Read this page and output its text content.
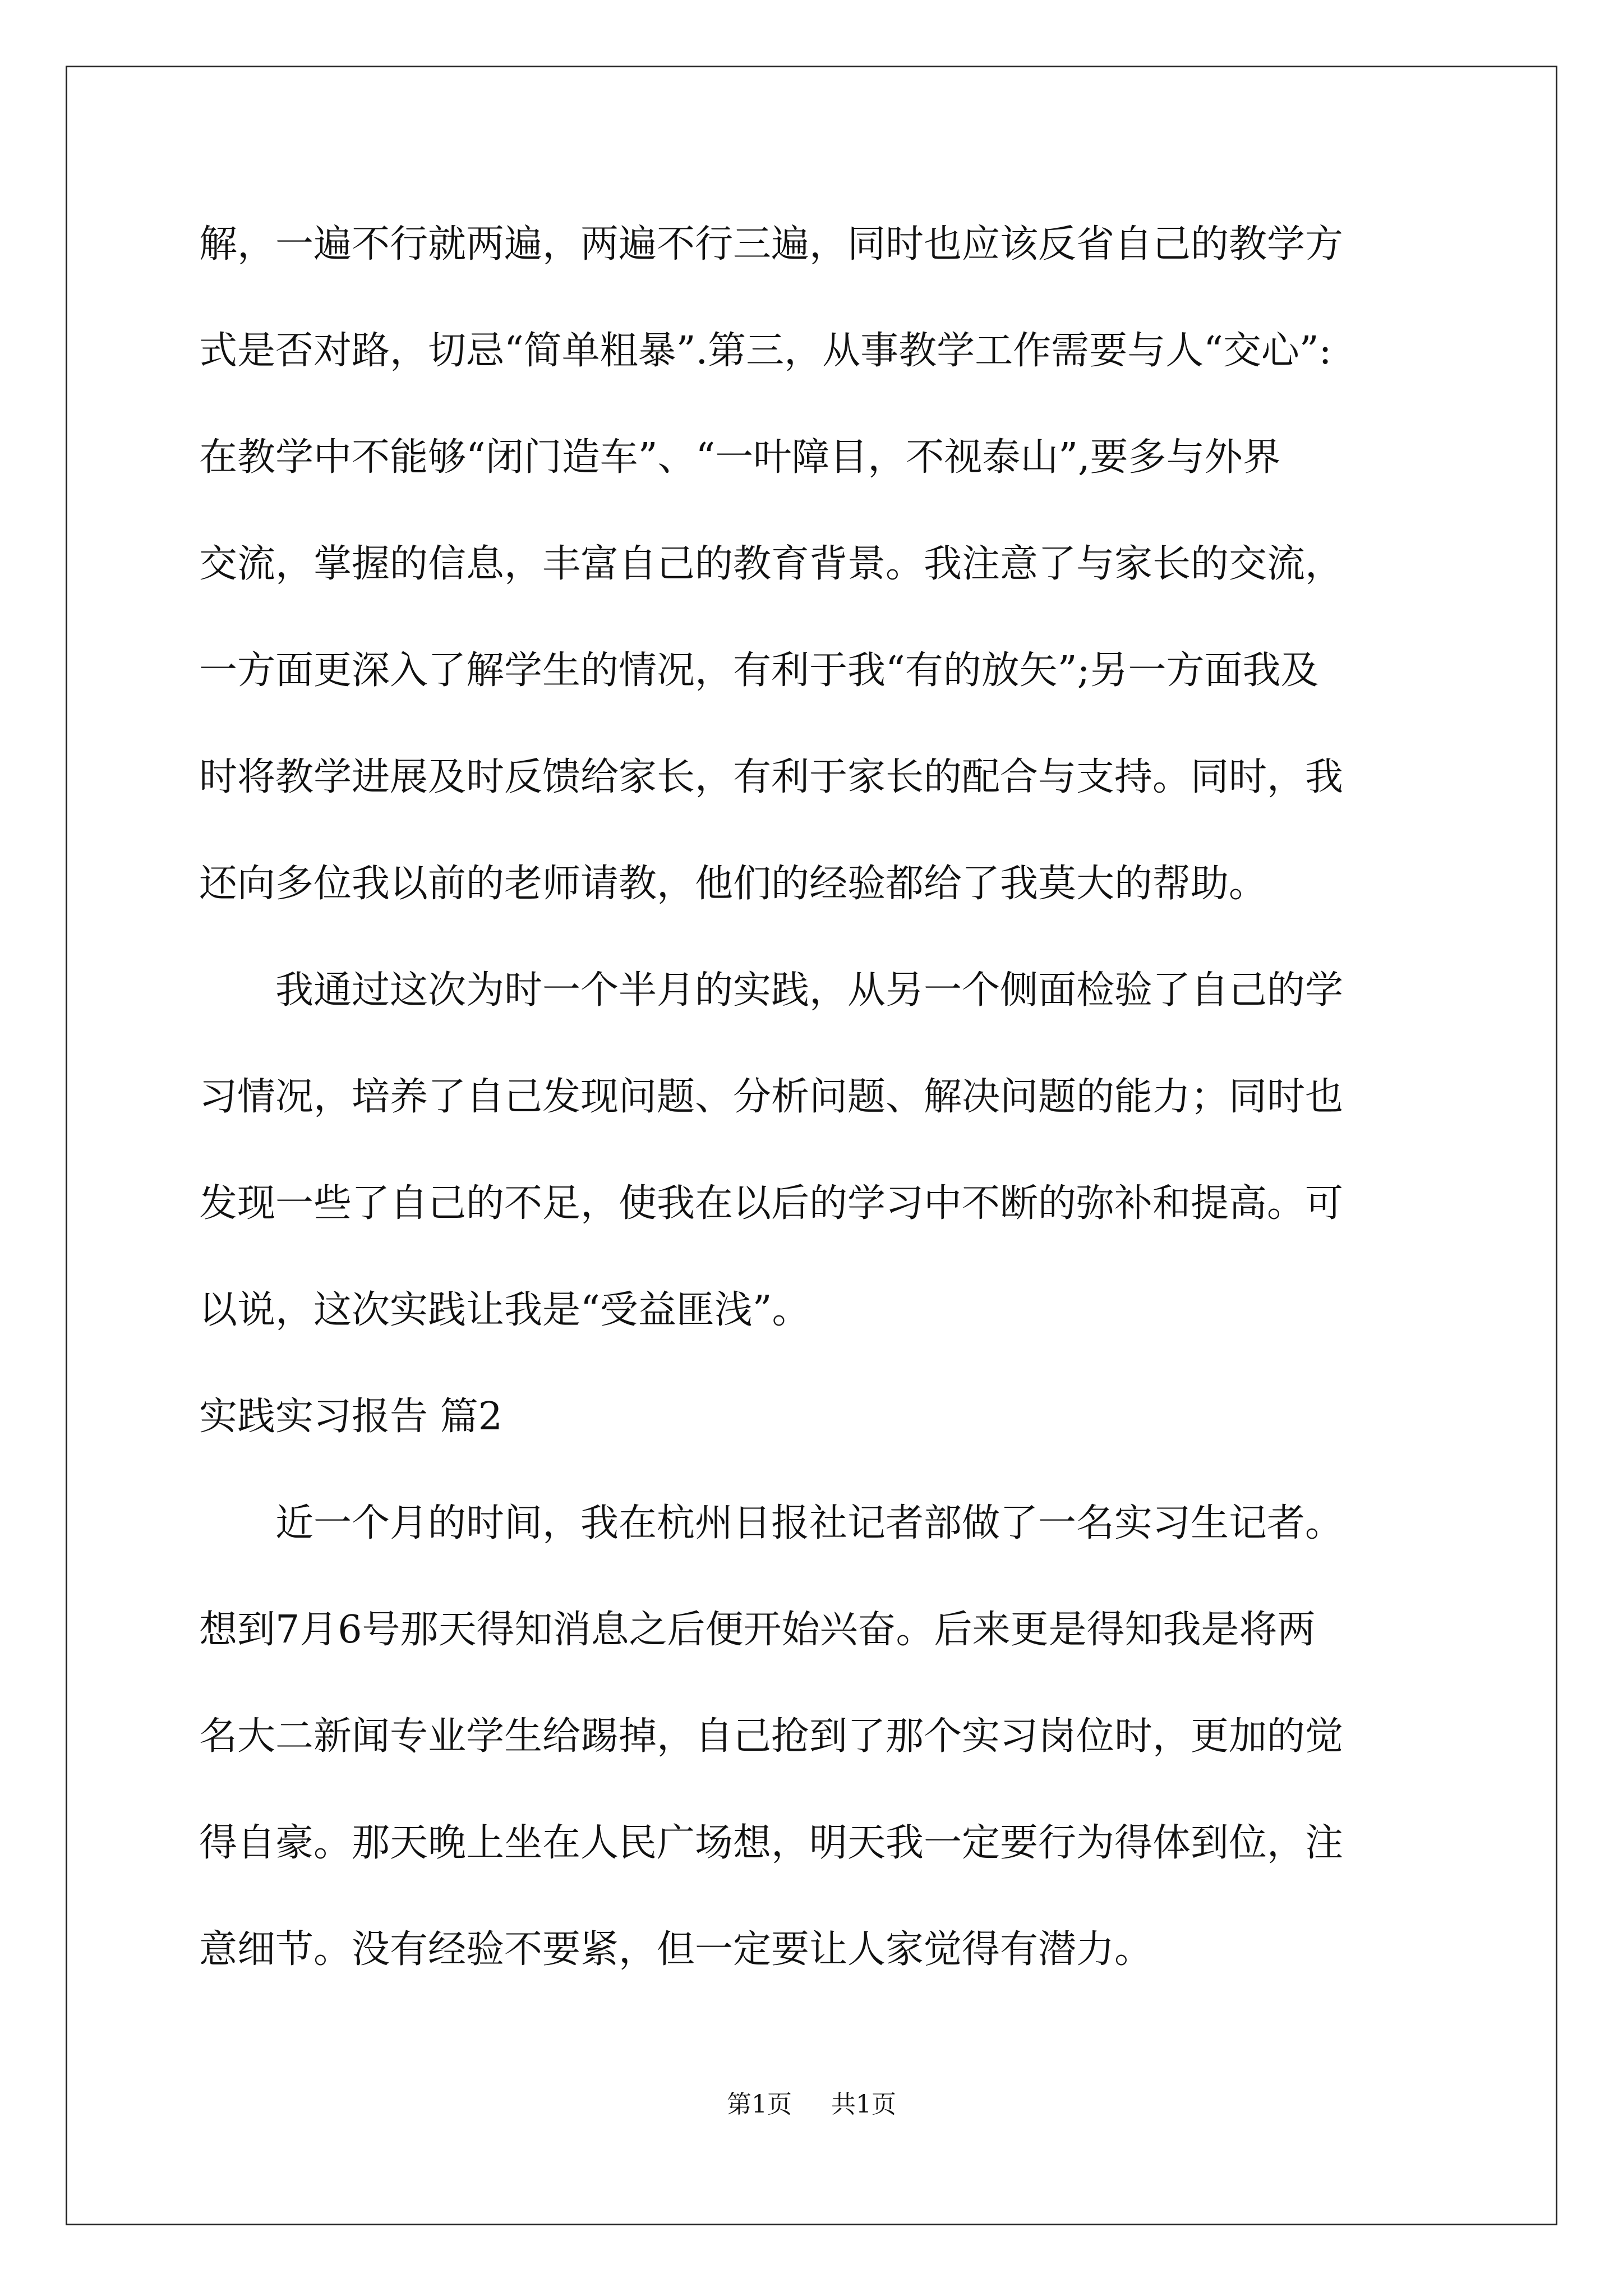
解，一遍不行就两遍，两遍不行三遍，同时也应该反省自己的教学方

式是否对路，切忌“简单粗暴”.第三，从事教学工作需要与人“交心”:

在教学中不能够“闭门造车”、“一叶障目，不视泰山”,要多与外界

交流，掌握的信息，丰富自己的教育背景。我注意了与家长的交流，

一方面更深入了解学生的情况，有利于我“有的放矢”;另一方面我及

时将教学进展及时反馈给家长，有利于家长的配合与支持。同时，我

还向多位我以前的老师请教，他们的经验都给了我莫大的帮助。

　　我通过这次为时一个半月的实践，从另一个侧面检验了自己的学

习情况，培养了自己发现问题、分析问题、解决问题的能力；同时也

发现一些了自己的不足，使我在以后的学习中不断的弥补和提高。可

以说，这次实践让我是“受益匪浅”。

实践实习报告 篇2

　　近一个月的时间，我在杭州日报社记者部做了一名实习生记者。

想到7月6号那天得知消息之后便开始兴奋。后来更是得知我是将两

名大二新闻专业学生给踢掉，自己抢到了那个实习岗位时，更加的觉

得自豪。那天晚上坐在人民广场想，明天我一定要行为得体到位，注

意细节。没有经验不要紧，但一定要让人家觉得有潜力。

第1页 共1页
